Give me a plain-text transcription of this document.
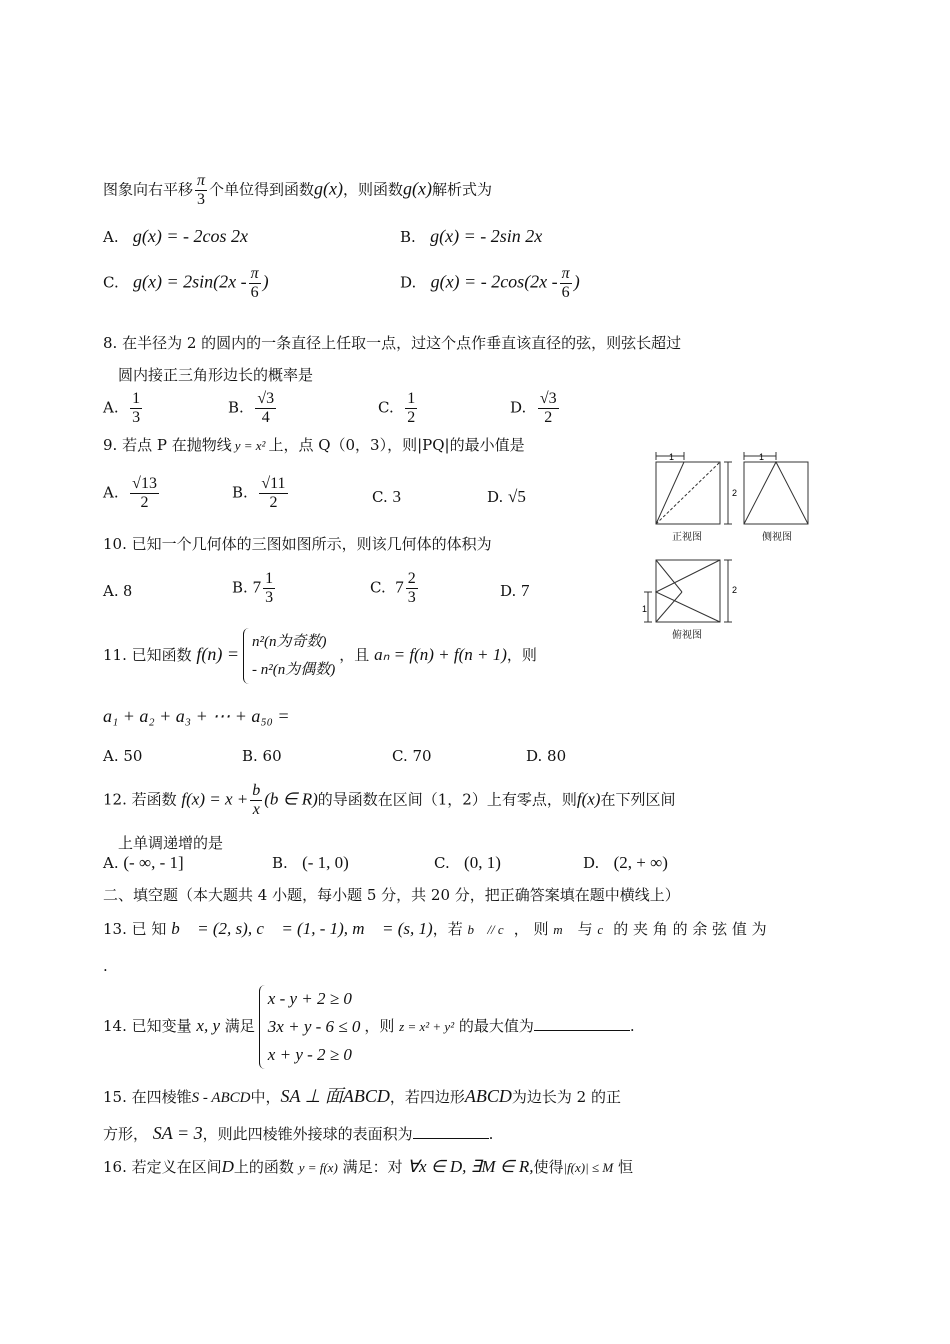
图象向右平移 $\frac{\pi}{3}$ 个单位得到函数g(x)，则函数g(x)解析式为
A. g(x) = - 2cos 2x	B. g(x) = - 2sin 2x
C. $g(x) = 2\sin(2x - \frac{\pi}{6}$ )	D. g(x) = - $2\cos(2x - \frac{\pi}{6}$ )
8. 在半径为 2 的圆内的一条直径上任取一点，过这个点作垂直该直径的弦，则弦长超过
圆内接正三角形边长的概率是
A. $\frac{1}{3}$	B. $\frac{√3}{4}$	C. $\frac{1}{2}$	D. $\frac{√3}{2}$
9. 若点 P 在抛物线 y = x² 上，点 Q（0，3），则|PQ|的最小值是
A. $\frac{√13}{2}$	B. $\frac{√11}{2}$	C. 3	D. √5
1
2
1
2
1
正视图	侧视图
俯视图
10. 已知一个几何体的三图如图所示，则该几何体的体积为
A. 8	B. $7 \frac{1}{3}$	C. $7 \frac{2}{3}$	D. 7
11. 已知函数 f(n) =
n²(n为奇数)
- n²(n为偶数)
，且 aₙ = f(n) + f(n + 1)，则
a₁ + a₂ + a₃ + ⋯ + a₅₀ =
A. 50	B. 60	C. 70	D. 80
12. 若函数 $f(x) = x + \frac{b}{x} (b$ ∈ R)的导函数在区间（1，2）上有零点，则f(x)在下列区间
上单调递增的是
A. (- ∞, - 1]	B. (- 1, 0)	C. (0, 1)	D. (2, + ∞)
二、填空题（本大题共 4 小题，每小题 5 分，共 20 分，把正确答案填在题中横线上）
13. 已 知 b⃗ = (2, s), c⃗ = (1, - 1), m⃗ = (s, 1)，若 b⃗ // c⃗， 则 m⃗ 与 c⃗的 夹 角 的 余 弦 值 为
.
14. 已知变量 x, y 满足
x - y + 2 ≥ 0
3x + y - 6 ≤ 0
x + y - 2 ≥ 0
，则 z = x² + y² 的最大值为	.
15. 在四棱锥S - ABCD中，SA ⊥ 面ABCD，若四边形ABCD为边长为 2 的正
方形， SA = 3，则此四棱锥外接球的表面积为	.
16. 若定义在区间D上的函数 y = f(x) 满足：对 ∀x ∈ D, ∃M ∈ R,使得|f(x)| ≤ M 恒
